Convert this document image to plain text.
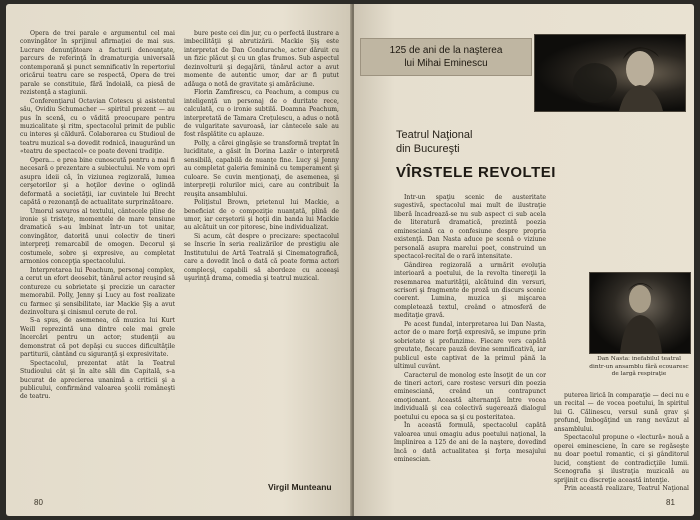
Opera de trei parale e argumentul cel mai convingător în sprijinul afirmaţiei de mai sus. Lucrare denunţătoare a facturii denounţate, parcurs de referinţă în dramaturgia universală contemporană şi punct semnificativ în repertoriul oricărui teatru care se respectă, Opera de trei parale se constituie, fără îndoială, ca piesă de rezistenţă a stagiunii.

Conferenţiarul Octavian Cotescu şi asistentul său, Ovidiu Schumacher — spiritul prezent — au pus în scenă, cu o vădită preocupare pentru muzicalitate şi ritm, spectacolul primit de public cu interes şi căldură. Colaborarea cu Studioul de teatru muzical s-a dovedit rodnică, inaugurând un «teatru de spectacol» ce poate deveni tradiţie.

Opera... e prea bine cunoscută pentru a mai fi necesară o prezentare a subiectului. Ne vom opri asupra ideii că, în viziunea regizorală, lumea cerşetorilor şi a hoţilor devine o oglindă deformată a societăţii, iar cuvintele lui Brecht capătă o rezonanţă de actualitate surprinzătoare.

Umorul savuros al textului, cântecele pline de ironie şi tristeţe, momentele de mare tensiune dramatică s-au îmbinat într-un tot unitar, convingător, datorită unui colectiv de tineri interpreţi remarcabil de omogen. Decorul şi costumele, sobre şi expresive, au completat armonios concepţia spectacolului.

Interpretarea lui Peachum, personaj complex, a cerut un efort deosebit, tânărul actor reuşind să contureze cu sobrietate şi precizie un caracter memorabil. Polly, Jenny şi Lucy au fost realizate cu farmec şi sensibilitate, iar Mackie Şiş a avut dezinvoltura şi cinismul cerute de rol.

S-a spus, de asemenea, că muzica lui Kurt Weill reprezintă una dintre cele mai grele încercări pentru un actor; studenţii au demonstrat că pot depăşi cu succes dificultăţile partiturii, cântând cu siguranţă şi expresivitate.

Spectacolul, prezentat atât la Teatrul Studioului cât şi în alte săli din Capitală, s-a bucurat de aprecierea unanimă a criticii şi a publicului, confirmând valoarea şcolii româneşti de teatru.

bure peste cei din jur, cu o perfectă ilustrare a imbecilităţii şi abrutizării. Mackie Şiş este interpretat de Dan Condurache, actor dăruit cu un fizic plăcut şi cu un glas frumos. Sub aspectul dezinvolturii şi degajării, tânărul actor a avut momente de autentic umor, dar ar fi putut adăuga o notă de gravitate şi amărăciune.

Florin Zamfirescu, ca Peachum, a compus cu inteligenţă un personaj de o duritate rece, calculată, cu o ironie subtilă. Doamna Peachum, interpretată de Tamara Crețulescu, a adus o notă de vulgaritate savuroasă, iar cântecele sale au fost răsplătite cu aplauze.

Polly, a cărei gingăşie se transformă treptat în luciditate, a găsit în Dorina Lazăr o interpretă sensibilă, capabilă de nuanţe fine. Lucy şi Jenny au completat galeria feminină cu temperament şi culoare. Se cuvin menţionaţi, de asemenea, şi interpreţii rolurilor mici, care au contribuit la reuşita ansamblului.

Poliţistul Brown, prietenul lui Mackie, a beneficiat de o compoziţie nuanţată, plină de umor, iar cerşetorii şi hoţii din banda lui Mackie au alcătuit un cor pitoresc, bine individualizat.

Si acum, cât despre o precizare: spectacolul se înscrie în seria realizărilor de prestigiu ale Institutului de Artă Teatrală şi Cinematografică, care a dovedit încă o dată că poate forma actori complecşi, capabili să abordeze cu aceeaşi uşurinţă drama, comedia şi teatrul muzical.

Virgil Munteanu
80
125 de ani de la naşterea
lui Mihai Eminescu
Teatrul Naţional
din Bucureşti
VÎRSTELE REVOLTEI

Într-un spaţiu scenic de austeritate sugestivă, spectacolul mai mult de ilustraţie liberă încadrează-se nu sub aspect ci sub acela de literatură dramatică, prezintă poezia eminesciană ca o confesiune despre propria existenţă. Dan Nasta aduce pe scenă o viziune personală asupra marelui poet, construind un spectacol-recital de o rară intensitate.

Gândirea regizorală a urmărit evoluţia interioară a poetului, de la revolta tinereţii la resemnarea maturităţii, alcătuind din versuri, scrisori şi fragmente de proză un discurs scenic coerent. Lumina, muzica şi mişcarea completează textul, creând o atmosferă de meditaţie gravă.

Pe acest fundal, interpretarea lui Dan Nasta, actor de o mare forţă expresivă, se impune prin sobrietate şi profunzime. Fiecare vers capătă greutate, fiecare pauză devine semnificativă, iar publicul este captivat de la primul până la ultimul cuvânt.

Caracterul de monolog este însoţit de un cor de tineri actori, care rostesc versuri din poezia eminesciană, creând un contrapunct emoţionant. Această alternanţă între vocea individuală şi cea colectivă sugerează dialogul poetului cu epoca sa şi cu posteritatea.

În această formulă, spectacolul capătă valoarea unui omagiu adus poetului naţional, la împlinirea a 125 de ani de la naştere, dovedind încă o dată actualitatea şi forţa mesajului eminescian.

Dan Nasta: inefabilul teatral dintr-un ansamblu fără ecouaresc de largă respiraţie

puterea lirică în comparaţie — deci nu e un recital — de vocea poetului, în spiritul lui G. Călinescu, versul sună grav şi profund, îmbogăţind un rang nevăzut al ansamblului.

Spectacolul propune o «lectură» nouă a operei eminesciene, în care se regăseşte nu doar poetul romantic, ci şi gânditorul lucid, conştient de contradicţiile lumii. Scenografia şi ilustraţia muzicală au sprijinit cu discreţie această intenţie.

Prin această realizare, Teatrul Naţional

81
